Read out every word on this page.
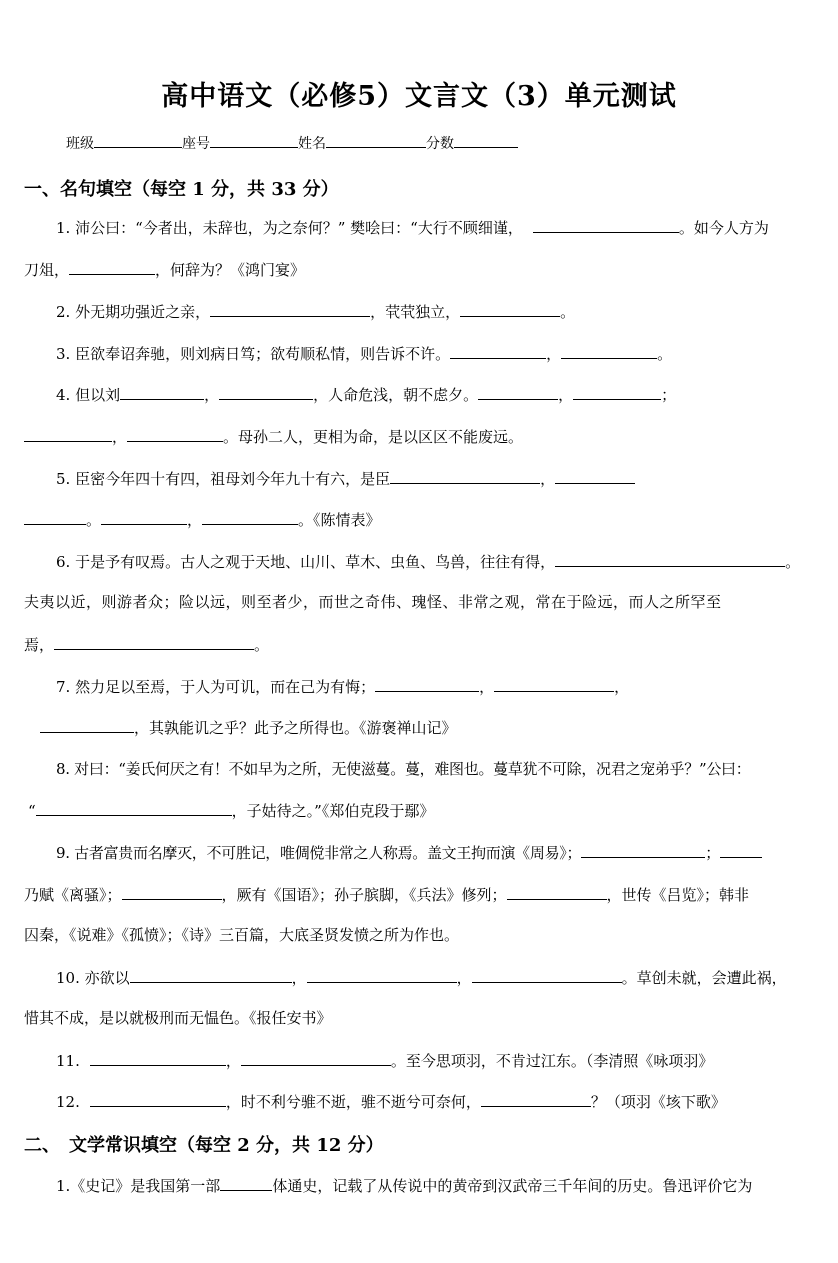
高中语文（必修5）文言文（3）单元测试
班级	座号	姓名	分数
一、名句填空（每空 1 分，共 33 分）
1. 沛公曰：“今者出，未辞也，为之奈何？” 樊哙曰：“大行不顾细谨，	。如今人方为
刀俎，	，何辞为？《鸿门宴》
2. 外无期功强近之亲，	，茕茕独立，	。
3. 臣欲奉诏奔驰，则刘病日笃；欲苟顺私情，则告诉不许。	，	。
4. 但以刘	，	，人命危浅，朝不虑夕。	，	；
，	。母孙二人，更相为命，是以区区不能废远。
5. 臣密今年四十有四，祖母刘今年九十有六，是臣	，
。	，	。《陈情表》
6. 于是予有叹焉。古人之观于天地、山川、草木、虫鱼、鸟兽，往往有得，	。
夫夷以近，则游者众；险以远，则至者少，而世之奇伟、瑰怪、非常之观，常在于险远，而人之所罕至
焉，	。
7. 然力足以至焉，于人为可讥，而在己为有悔；	，	，
，其孰能讥之乎？此予之所得也。《游褒禅山记》
8. 对曰：“姜氏何厌之有！不如早为之所，无使滋蔓。蔓，难图也。蔓草犹不可除，况君之宠弟乎？”公曰：
“	，子姑待之。”《郑伯克段于鄢》
9. 古者富贵而名摩灭，不可胜记，唯倜傥非常之人称焉。盖文王拘而演《周易》；	；
乃赋《离骚》；	，厥有《国语》；孙子膑脚，《兵法》修列；	，世传《吕览》；韩非
囚秦，《说难》《孤愤》；《诗》三百篇，大底圣贤发愤之所为作也。
10. 亦欲以	，	，	。草创未就，会遭此祸，
惜其不成，是以就极刑而无愠色。《报任安书》
11.	，	。至今思项羽，不肯过江东。（李清照《咏项羽》
12.	，时不利兮骓不逝，骓不逝兮可奈何，	？（项羽《垓下歌》
二、　文学常识填空（每空 2 分，共 12 分）
1.《史记》是我国第一部	体通史，记载了从传说中的黄帝到汉武帝三千年间的历史。鲁迅评价它为
